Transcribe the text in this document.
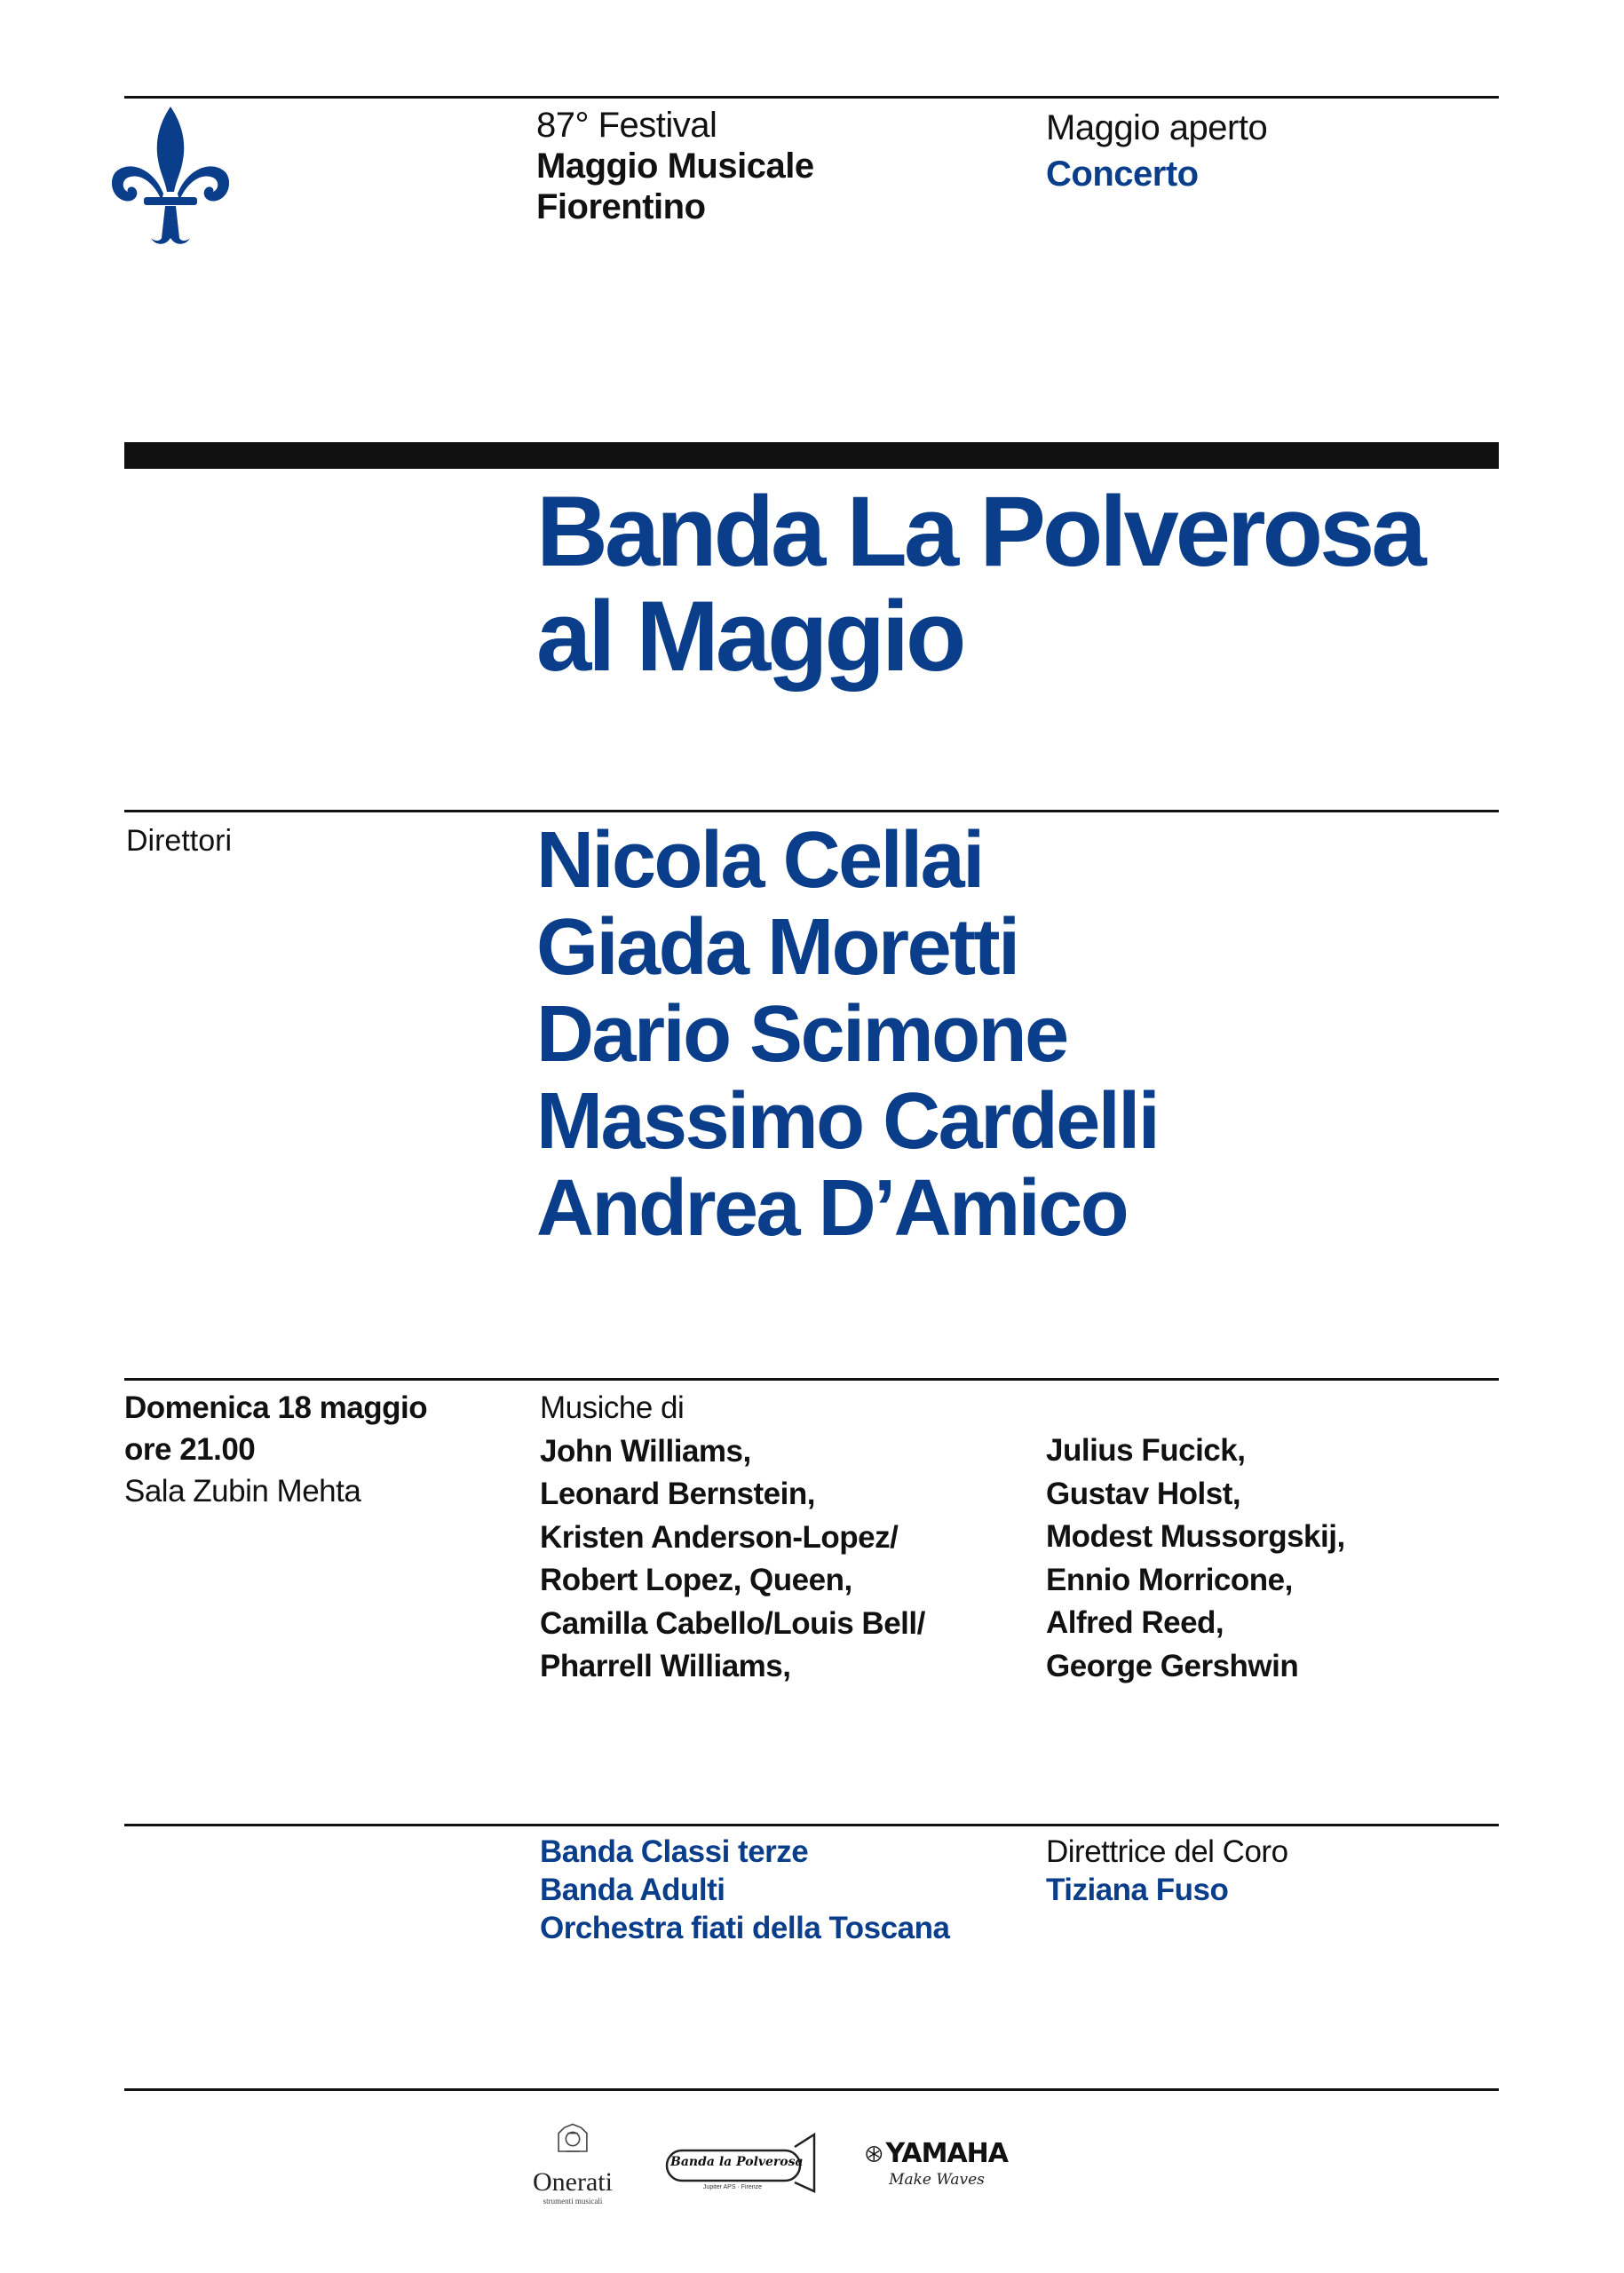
87° Festival
Maggio Musicale
Fiorentino
Maggio aperto
Concerto
Banda La Polverosa
al Maggio
Direttori	Nicola Cellai
Giada Moretti
Dario Scimone
Massimo Cardelli
Andrea D’Amico
Domenica 18 maggio
ore 21.00
Sala Zubin Mehta
Musiche di
John Williams,
Leonard Bernstein,
Kristen Anderson-Lopez/
Robert Lopez, Queen,
Camilla Cabello/Louis Bell/
Pharrell Williams,
Julius Fucick,
Gustav Holst,
Modest Mussorgskij,
Ennio Morricone,
Alfred Reed,
George Gershwin
Banda Classi terze
Banda Adulti
Orchestra fiati della Toscana
Direttrice del Coro
Tiziana Fuso
Onerati
strumenti musicali
Banda la Polverosa
Jupiter APS · Firenze
YAMAHA
Make Waves
